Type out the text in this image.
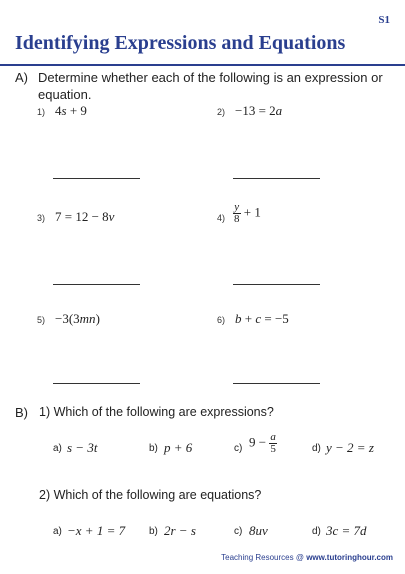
S1
Identifying Expressions and Equations
A) Determine whether each of the following is an expression or equation.
1) 4s + 9	2) −13 = 2a
3) 7 = 12 − 8v	$4) \frac{y}{8} + 1$
5) −3(3mn)	6) b + c = −5
B) 1) Which of the following are expressions?
a) s − 3t	b) p + 6	c) $9 - \frac{a}{5}$	d) y − 2 = z
2) Which of the following are equations?
a) −x + 1 = 7 b) 2r − s	c) 8uv	d) 3c = 7d
Teaching Resources @ www.tutoringhour.com
